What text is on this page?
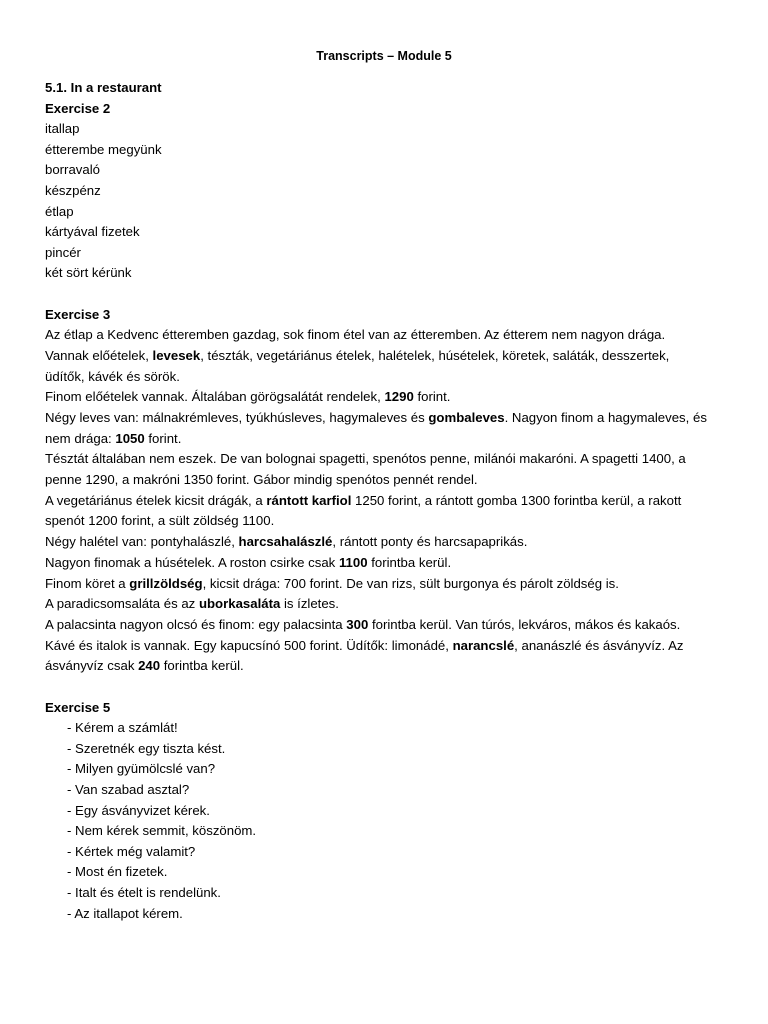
Transcripts – Module 5
5.1. In a restaurant
Exercise 2
itallap
étterembe megyünk
borravaló
készpénz
étlap
kártyával fizetek
pincér
két sört kérünk
Exercise 3
Az étlap a Kedvenc étteremben gazdag, sok finom étel van az étteremben. Az étterem nem nagyon drága.
Vannak előételek, levesek, tészták, vegetáriánus ételek, halételek, húsételek, köretek, saláták, desszertek,
üdítők, kávék és sörök.
Finom előételek vannak. Általában görögsalátát rendelek, 1290 forint.
Négy leves van: málnakrémleves, tyúkhúsleves, hagymaleves és gombaleves. Nagyon finom a hagymaleves, és
nem drága: 1050 forint.
Tésztát általában nem eszek. De van bolognai spagetti, spenótos penne, milánói makaróni. A spagetti 1400, a
penne 1290, a makróni 1350 forint. Gábor mindig spenótos pennét rendel.
A vegetáriánus ételek kicsit drágák, a rántott karfiol 1250 forint, a rántott gomba 1300 forintba kerül, a rakott
spenót 1200 forint, a sült zöldség 1100.
Négy halétel van: pontyhalászlé, harcsahalászlé, rántott ponty és harcsapaprikás.
Nagyon finomak a húsételek. A roston csirke csak 1100 forintba kerül.
Finom köret a grillzöldség, kicsit drága: 700 forint. De van rizs, sült burgonya és párolt zöldség is.
A paradicsomsaláta és az uborkasaláta is ízletes.
A palacsinta nagyon olcsó és finom: egy palacsinta 300 forintba kerül. Van túrós, lekváros, mákos és kakaós.
Kávé és italok is vannak. Egy kapucsínó 500 forint. Üdítők: limonádé, narancslé, ananászlé és ásványvíz. Az
ásványvíz csak 240 forintba kerül.
Exercise 5
- Kérem a számlát!
- Szeretnék egy tiszta kést.
- Milyen gyümölcslé van?
- Van szabad asztal?
- Egy ásványvizet kérek.
- Nem kérek semmit, köszönöm.
- Kértek még valamit?
- Most én fizetek.
- Italt és ételt is rendelünk.
- Az itallapot kérem.
